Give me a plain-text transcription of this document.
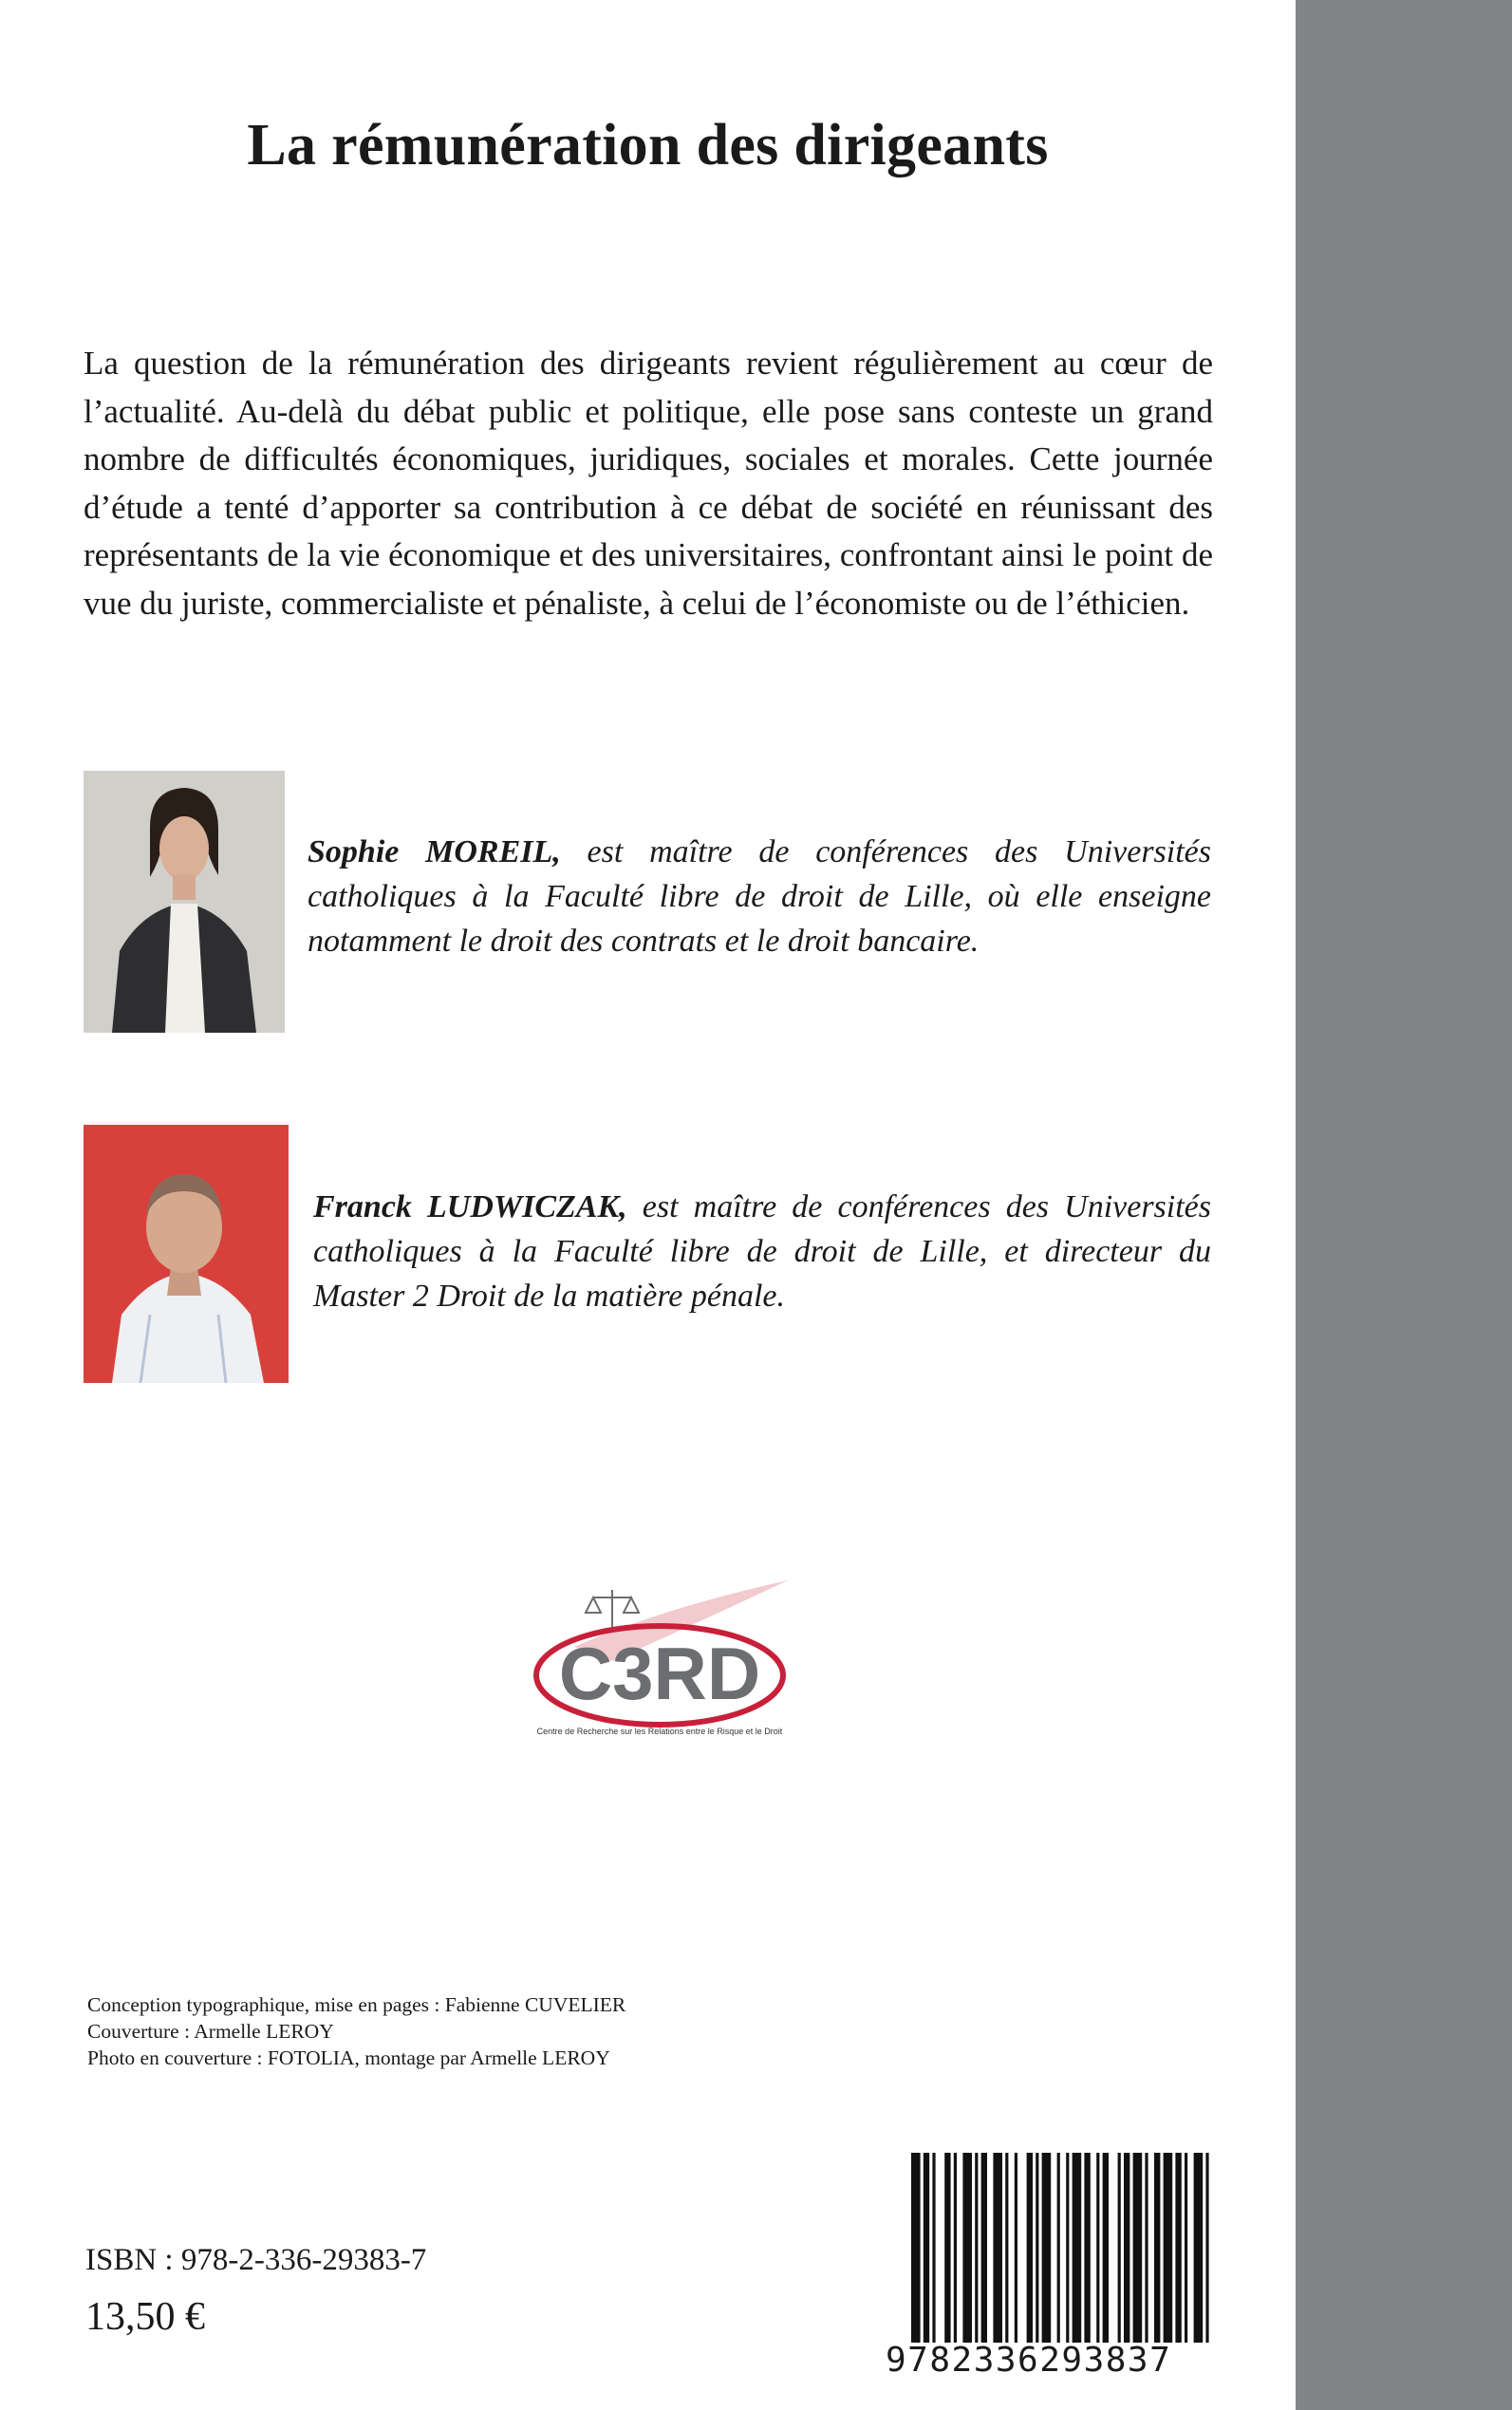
La rémunération des dirigeants

La question de la rémunération des dirigeants revient régulièrement au cœur de l’actualité. Au-delà du débat public et politique, elle pose sans conteste un grand nombre de difficultés économiques, juridiques, sociales et morales. Cette journée d’étude a tenté d’apporter sa contribution à ce débat de société en réunissant des représentants de la vie économique et des universitaires, confrontant ainsi le point de vue du juriste, commercialiste et pénaliste, à celui de l’économiste ou de l’éthicien.

Sophie MOREIL, est maître de conférences des Universités catholiques à la Faculté libre de droit de Lille, où elle enseigne notamment le droit des contrats et le droit bancaire.

Franck LUDWICZAK, est maître de conférences des Universités catholiques à la Faculté libre de droit de Lille, et directeur du Master 2 Droit de la matière pénale.

C3RD
Centre de Recherche sur les Relations entre le Risque et le Droit
Conception typographique, mise en pages : Fabienne CUVELIER
Couverture : Armelle LEROY
Photo en couverture : FOTOLIA, montage par Armelle LEROY
ISBN : 978-2-336-29383-7
13,50 €
9782336293837
